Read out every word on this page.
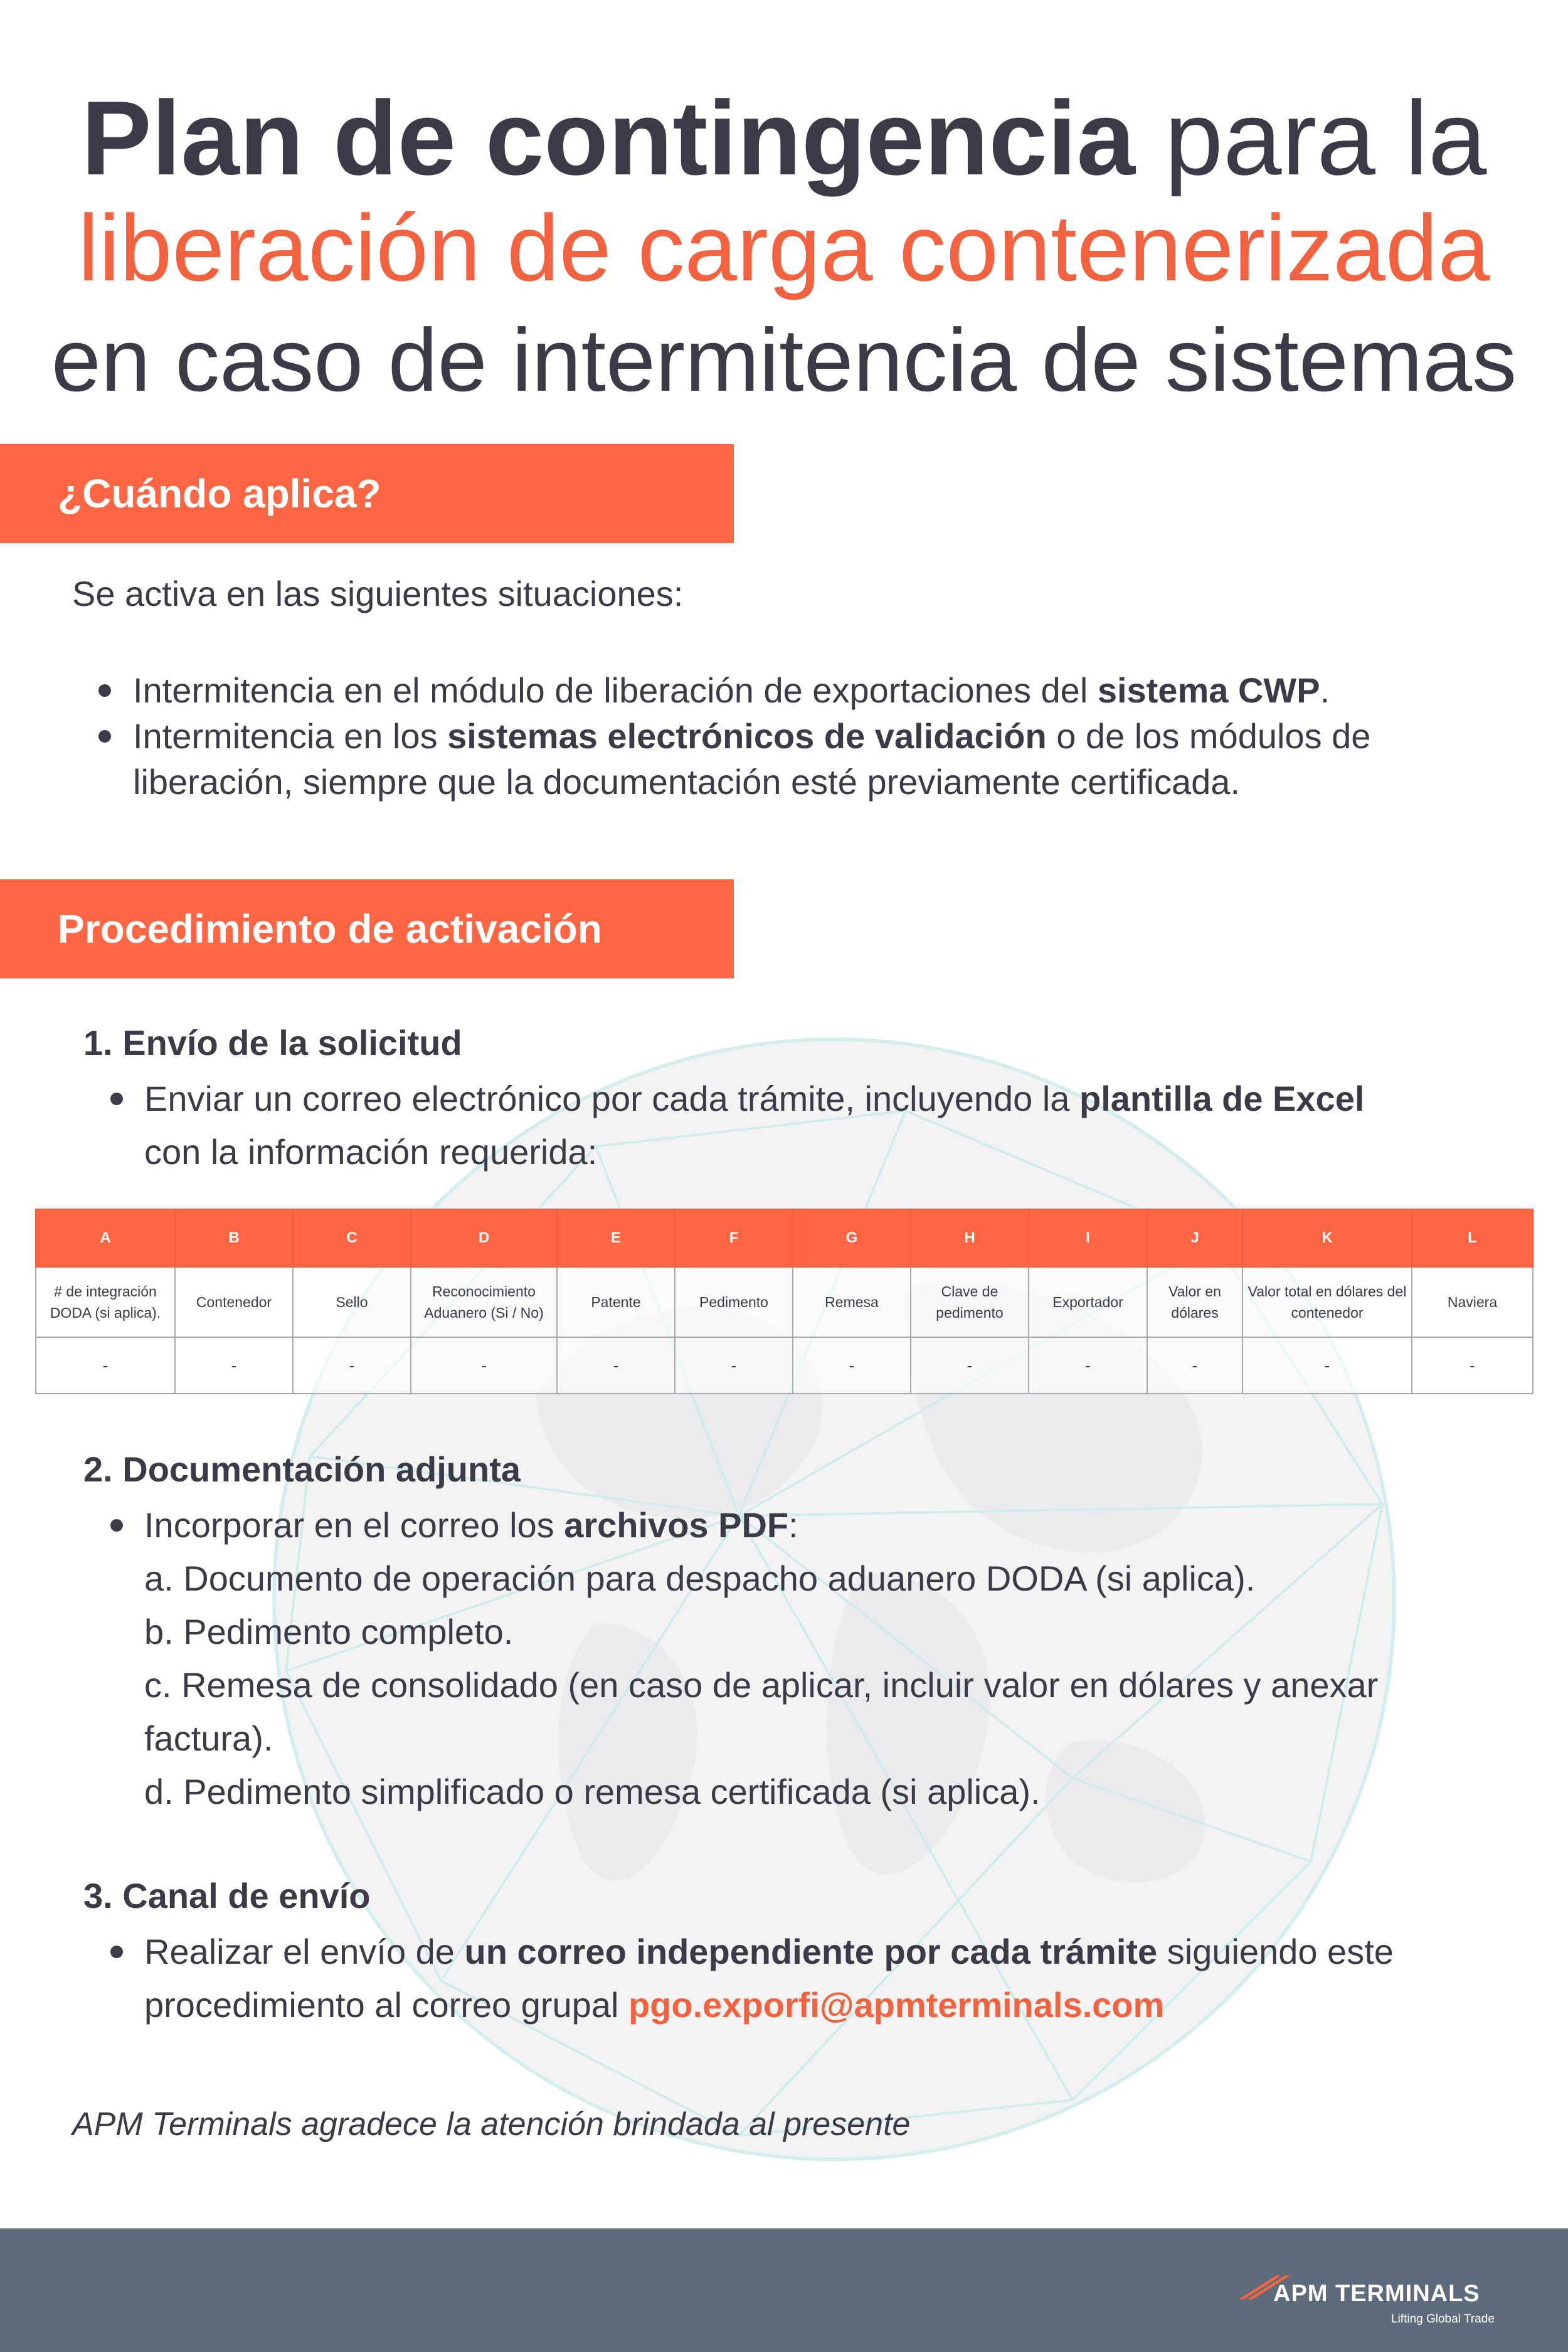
Plan de contingencia para la
liberación de carga contenerizada
en caso de intermitencia de sistemas
¿Cuándo aplica?
Se activa en las siguientes situaciones:
Intermitencia en el módulo de liberación de exportaciones del sistema CWP.
Intermitencia en los sistemas electrónicos de validación o de los módulos de
liberación, siempre que la documentación esté previamente certificada.
Procedimiento de activación
1. Envío de la solicitud
Enviar un correo electrónico por cada trámite, incluyendo la plantilla de Excel
con la información requerida:
A	B	C	D	E	F	G	H	I	J	K	L
# de integración DODA (si aplica).	Contenedor	Sello	Reconocimiento Aduanero (Si / No)	Patente	Pedimento	Remesa	Clave de pedimento	Exportador	Valor en dólares	Valor total en dólares del contenedor	Naviera
-	-	-	-	-	-	-	-	-	-	-	-
2. Documentación adjunta
Incorporar en el correo los archivos PDF:
a. Documento de operación para despacho aduanero DODA (si aplica).
b. Pedimento completo.
c. Remesa de consolidado (en caso de aplicar, incluir valor en dólares y anexar
factura).
d. Pedimento simplificado o remesa certificada (si aplica).
3. Canal de envío
Realizar el envío de un correo independiente por cada trámite siguiendo este
procedimiento al correo grupal pgo.exporfi@apmterminals.com
APM Terminals agradece la atención brindada al presente
APM TERMINALS
Lifting Global Trade
